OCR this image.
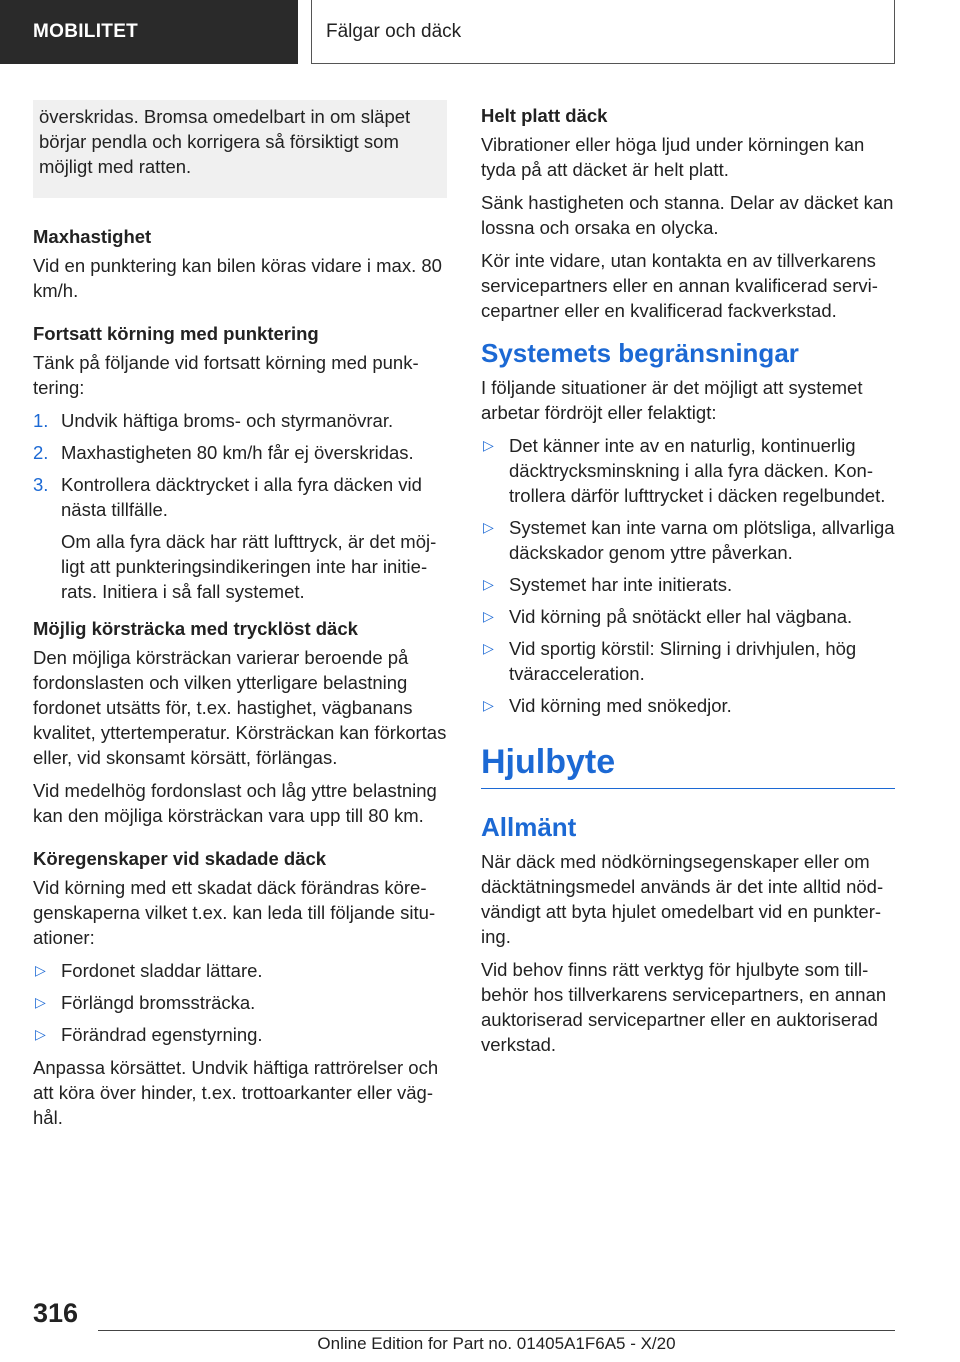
MOBILITET	Fälgar och däck
överskridas. Bromsa omedelbart in om släpet börjar pendla och korrigera så försiktigt som möjligt med ratten.
Maxhastighet

Vid en punktering kan bilen köras vidare i max. 80 km/h.

Fortsatt körning med punktering

Tänk på följande vid fortsatt körning med punktering:

1. Undvik häftiga broms- och styrmanövrar.
2. Maxhastigheten 80 km/h får ej överskridas.
3. Kontrollera däcktrycket i alla fyra däcken vid nästa tillfälle.
Om alla fyra däck har rätt lufttryck, är det möjligt att punkteringsindikeringen inte har initierats. Initiera i så fall systemet.
Möjlig körsträcka med trycklöst däck

Den möjliga körsträckan varierar beroende på fordonslasten och vilken ytterligare belastning fordonet utsätts för, t.ex. hastighet, vägbanans kvalitet, yttertemperatur. Körsträckan kan förkortas eller, vid skonsamt körsätt, förlängas.

Vid medelhög fordonslast och låg yttre belastning kan den möjliga körsträckan vara upp till 80 km.

Köregenskaper vid skadade däck

Vid körning med ett skadat däck förändras köregenskaperna vilket t.ex. kan leda till följande situationer:

▷ Fordonet sladdar lättare.
▷ Förlängd bromssträcka.
▷ Förändrad egenstyrning.

Anpassa körsättet. Undvik häftiga rattrörelser och att köra över hinder, t.ex. trottoarkanter eller väghål.

Helt platt däck

Vibrationer eller höga ljud under körningen kan tyda på att däcket är helt platt.

Sänk hastigheten och stanna. Delar av däcket kan lossna och orsaka en olycka.

Kör inte vidare, utan kontakta en av tillverkarens servicepartners eller en annan kvalificerad servicepartner eller en kvalificerad fackverkstad.

Systemets begränsningar

I följande situationer är det möjligt att systemet arbetar fördröjt eller felaktigt:

▷ Det känner inte av en naturlig, kontinuerlig däcktrycksminskning i alla fyra däcken. Kontrollera därför lufttrycket i däcken regelbundet.
▷ Systemet kan inte varna om plötsliga, allvarliga däckskador genom yttre påverkan.
▷ Systemet har inte initierats.
▷ Vid körning på snötäckt eller hal vägbana.
▷ Vid sportig körstil: Slirning i drivhjulen, hög tväracceleration.
▷ Vid körning med snökedjor.
Hjulbyte
Allmänt

När däck med nödkörningsegenskaper eller om däcktätningsmedel används är det inte alltid nödvändigt att byta hjulet omedelbart vid en punktering.

Vid behov finns rätt verktyg för hjulbyte som tillbehör hos tillverkarens servicepartners, en annan auktoriserad servicepartner eller en auktoriserad verkstad.

316
Online Edition for Part no. 01405A1F6A5 - X/20
